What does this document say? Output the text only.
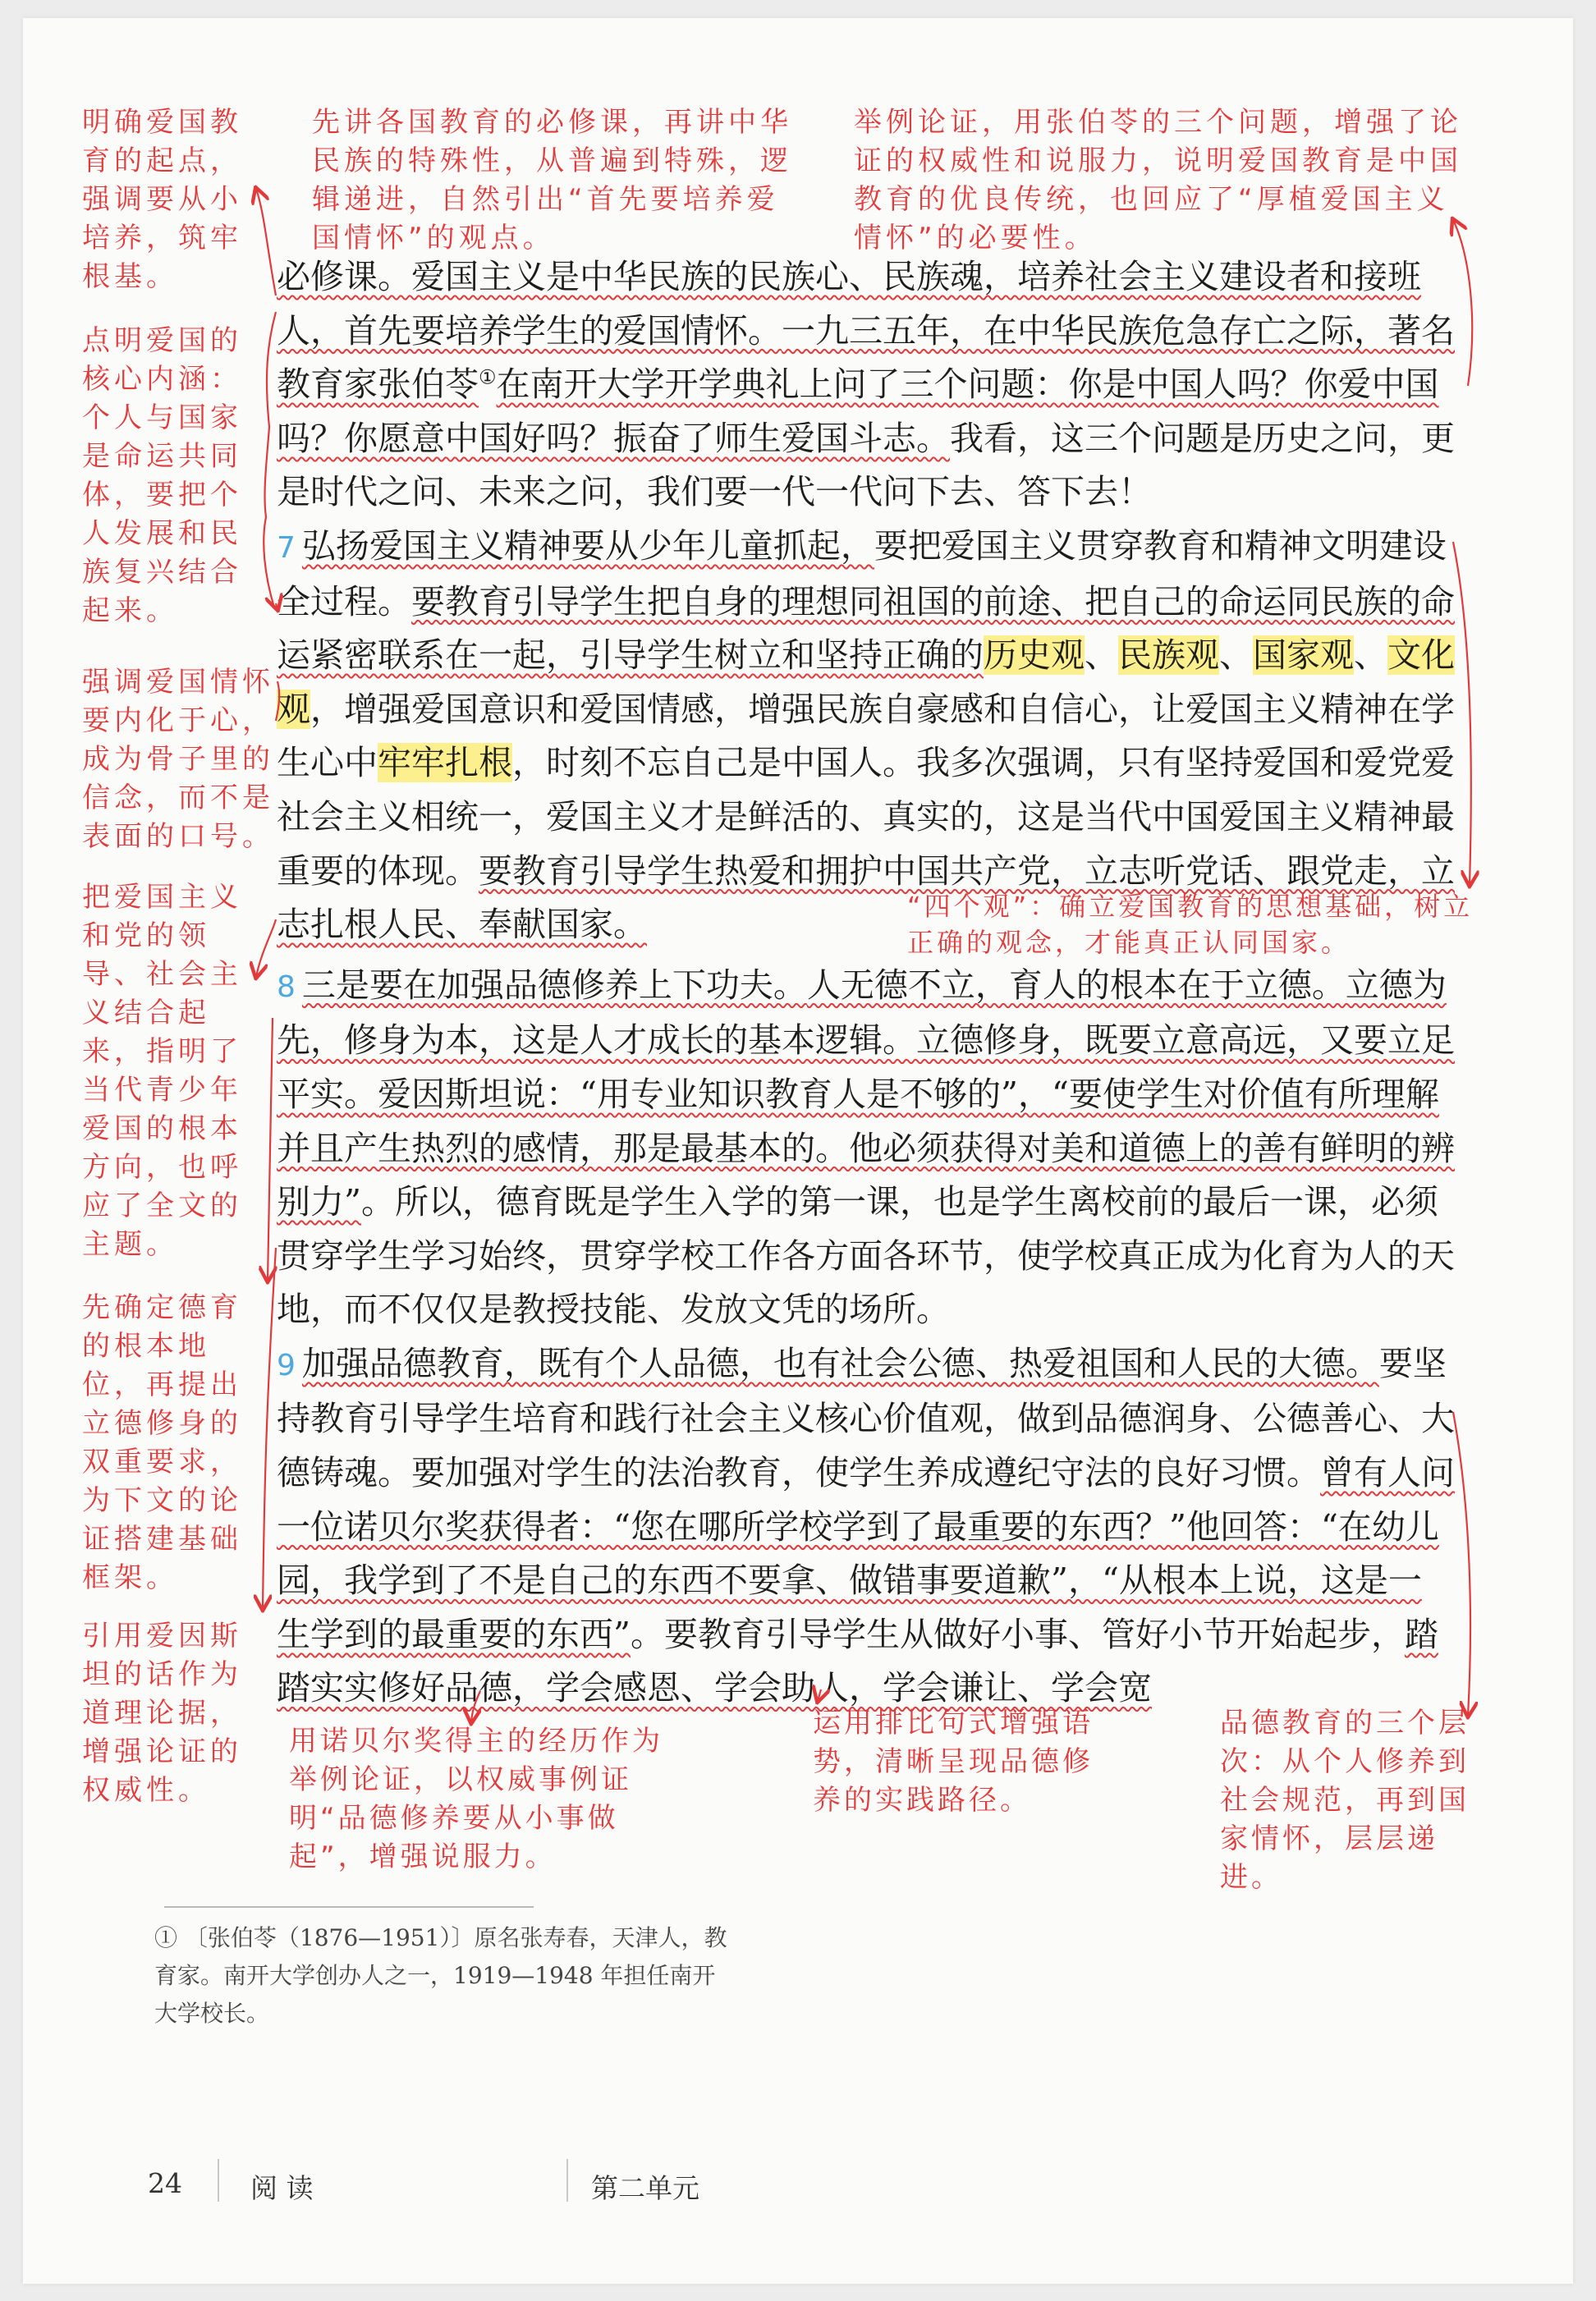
明确爱国教育的起点，强调要从小培养，筑牢根基。
点明爱国的核心内涵：个人与国家是命运共同体，要把个人发展和民族复兴结合起来。
强调爱国情怀要内化于心，成为骨子里的信念，而不是表面的口号。
把爱国主义和党的领导、社会主义结合起来，指明了当代青少年爱国的根本方向，也呼应了全文的主题。
先确定德育的根本地位，再提出立德修身的双重要求，为下文的论证搭建基础框架。
引用爱因斯坦的话作为道理论据，增强论证的权威性。
先讲各国教育的必修课，再讲中华民族的特殊性，从普遍到特殊，逻辑递进，自然引出“首先要培养爱国情怀”的观点。
举例论证，用张伯苓的三个问题，增强了论证的权威性和说服力，说明爱国教育是中国教育的优良传统，也回应了“厚植爱国主义情怀”的必要性。

必修课。爱国主义是中华民族的民族心、民族魂，培养社会主义建设者和接班人，首先要培养学生的爱国情怀。一九三五年，在中华民族危急存亡之际，著名教育家张伯苓①在南开大学开学典礼上问了三个问题：你是中国人吗？你爱中国吗？你愿意中国好吗？振奋了师生爱国斗志。我看，这三个问题是历史之问，更是时代之问、未来之问，我们要一代一代问下去、答下去！

7 弘扬爱国主义精神要从少年儿童抓起，要把爱国主义贯穿教育和精神文明建设全过程。要教育引导学生把自身的理想同祖国的前途、把自己的命运同民族的命运紧密联系在一起，引导学生树立和坚持正确的历史观、民族观、国家观、文化观，增强爱国意识和爱国情感，增强民族自豪感和自信心，让爱国主义精神在学生心中牢牢扎根，时刻不忘自己是中国人。我多次强调，只有坚持爱国和爱党爱社会主义相统一，爱国主义才是鲜活的、真实的，这是当代中国爱国主义精神最重要的体现。要教育引导学生热爱和拥护中国共产党，立志听党话、跟党走，立志扎根人民、奉献国家。

8 三是要在加强品德修养上下功夫。人无德不立，育人的根本在于立德。立德为先，修身为本，这是人才成长的基本逻辑。立德修身，既要立意高远，又要立足平实。爱因斯坦说：“用专业知识教育人是不够的”，“要使学生对价值有所理解并且产生热烈的感情，那是最基本的。他必须获得对美和道德上的善有鲜明的辨别力”。所以，德育既是学生入学的第一课，也是学生离校前的最后一课，必须贯穿学生学习始终，贯穿学校工作各方面各环节，使学校真正成为化育为人的天地，而不仅仅是教授技能、发放文凭的场所。

9 加强品德教育，既有个人品德，也有社会公德、热爱祖国和人民的大德。要坚持教育引导学生培育和践行社会主义核心价值观，做到品德润身、公德善心、大德铸魂。要加强对学生的法治教育，使学生养成遵纪守法的良好习惯。曾有人问一位诺贝尔奖获得者：“您在哪所学校学到了最重要的东西？”他回答：“在幼儿园，我学到了不是自己的东西不要拿、做错事要道歉”，“从根本上说，这是一生学到的最重要的东西”。要教育引导学生从做好小事、管好小节开始起步，踏踏实实修好品德，学会感恩、学会助人，学会谦让、学会宽

“四个观”：确立爱国教育的思想基础，树立正确的观念，才能真正认同国家。
用诺贝尔奖得主的经历作为举例论证，以权威事例证明“品德修养要从小事做起”，增强说服力。
运用排比句式增强语势，清晰呈现品德修养的实践路径。
品德教育的三个层次：从个人修养到社会规范，再到国家情怀，层层递进。
① 〔张伯苓（1876—1951）〕原名张寿春，天津人，教育家。南开大学创办人之一，1919—1948 年担任南开大学校长。
24	阅 读	第二单元
